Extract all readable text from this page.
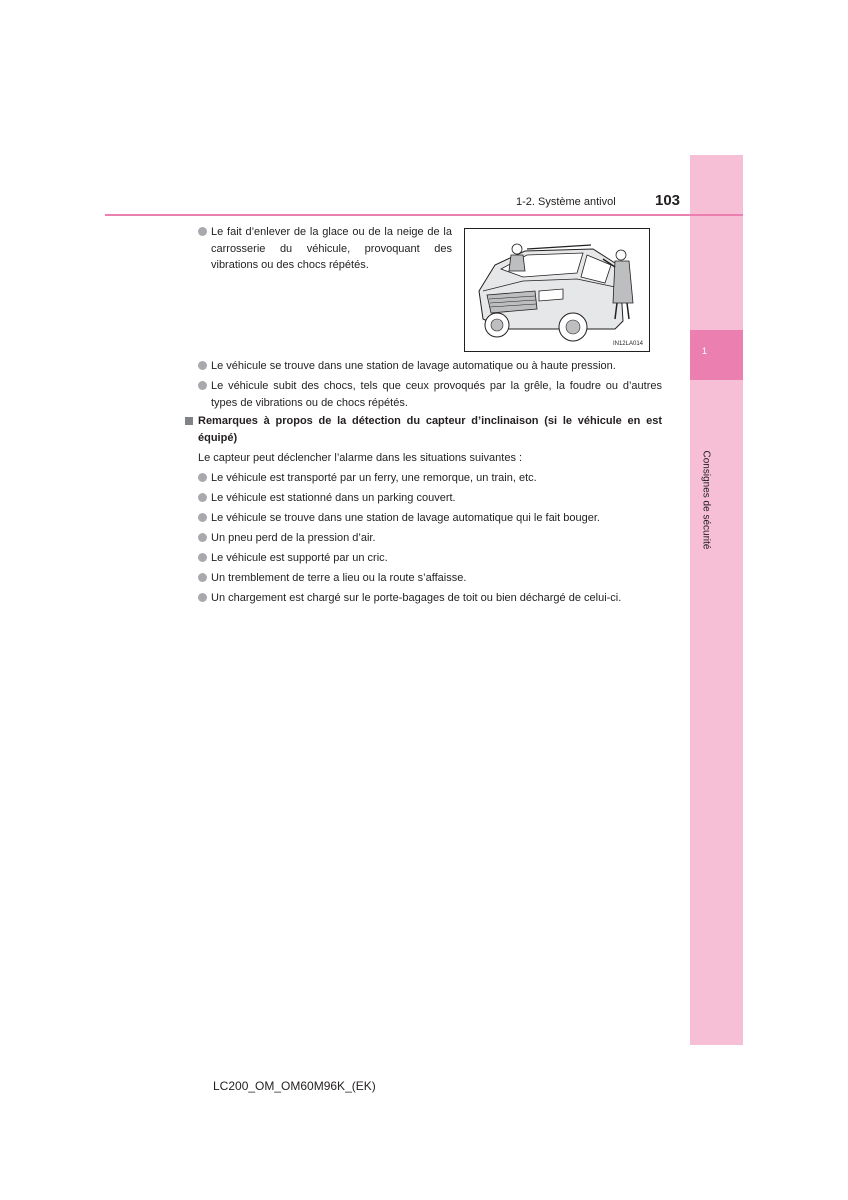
1
Consignes de sécurité
1-2. Système antivol	103
IN12LA014
Le fait d’enlever de la glace ou de la neige de la carrosserie du véhicule, provoquant des vibrations ou des chocs répétés.
Le véhicule se trouve dans une station de lavage automatique ou à haute pression.
Le véhicule subit des chocs, tels que ceux provoqués par la grêle, la foudre ou d’autres types de vibrations ou de chocs répétés.
Remarques à propos de la détection du capteur d’inclinaison (si le véhicule en est équipé)
Le capteur peut déclencher l’alarme dans les situations suivantes :
Le véhicule est transporté par un ferry, une remorque, un train, etc.
Le véhicule est stationné dans un parking couvert.
Le véhicule se trouve dans une station de lavage automatique qui le fait bouger.
Un pneu perd de la pression d’air.
Le véhicule est supporté par un cric.
Un tremblement de terre a lieu ou la route s’affaisse.
Un chargement est chargé sur le porte-bagages de toit ou bien déchargé de celui-ci.
LC200_OM_OM60M96K_(EK)
